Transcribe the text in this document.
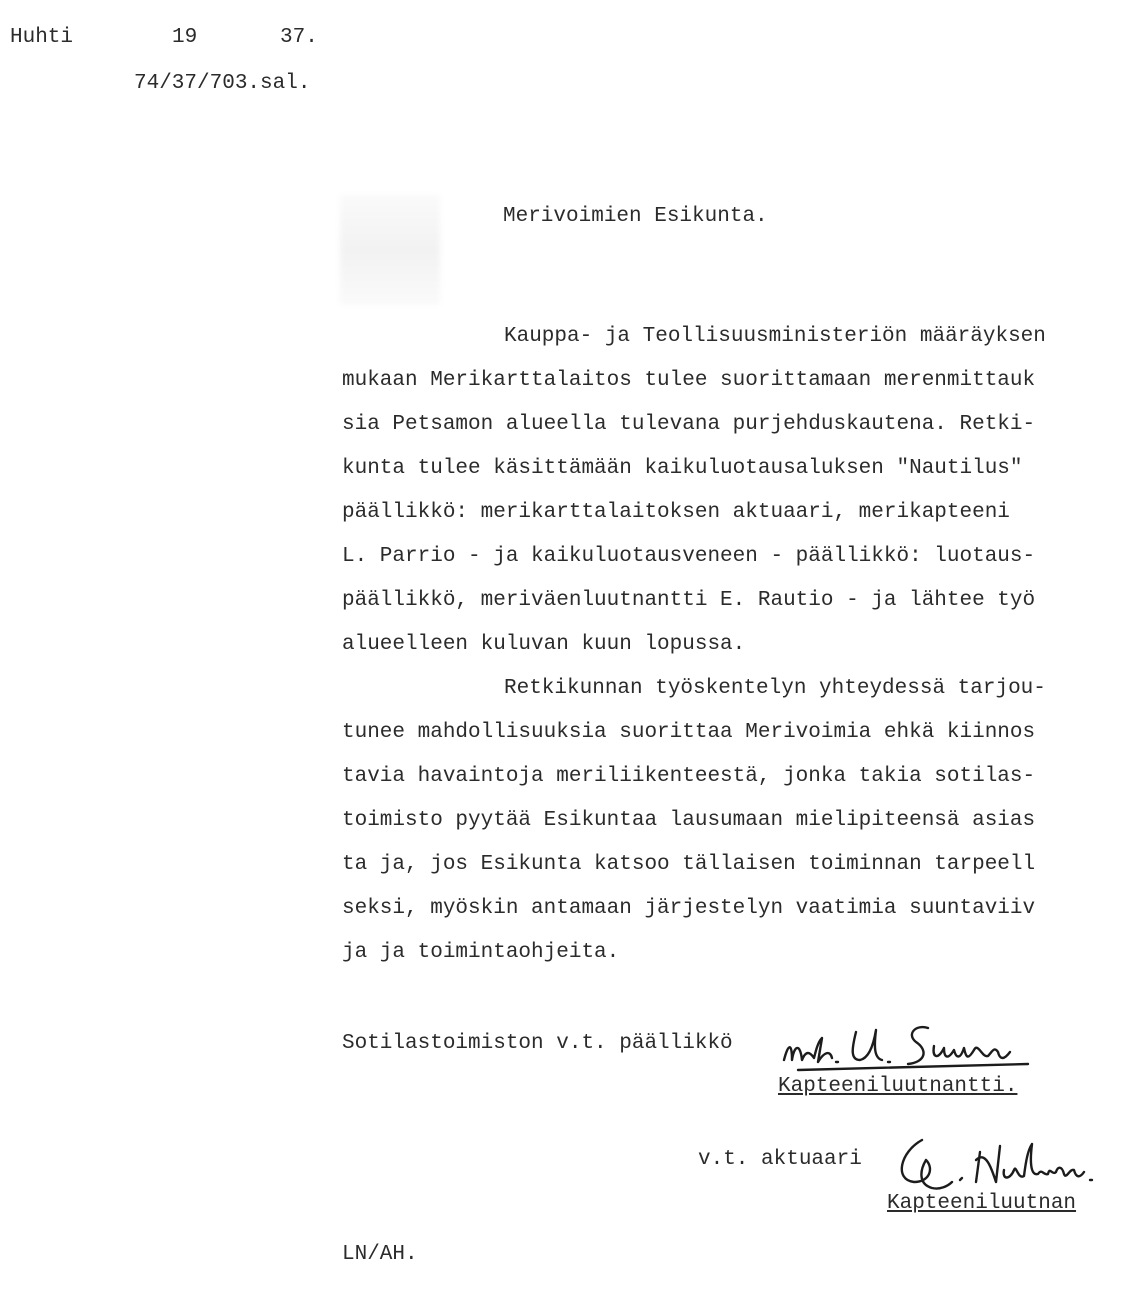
Huhti	19	37.
74/37/703.sal.
Merivoimien Esikunta.
Kauppa- ja Teollisuusministeriön määräyksen
mukaan Merikarttalaitos tulee suorittamaan merenmittauk
sia Petsamon alueella tulevana purjehduskautena. Retki-
kunta tulee käsittämään kaikuluotausaluksen "Nautilus"
päällikkö: merikarttalaitoksen aktuaari, merikapteeni
L. Parrio - ja kaikuluotausveneen - päällikkö: luotaus-
päällikkö, meriväenluutnantti E. Rautio - ja lähtee työ
alueelleen kuluvan kuun lopussa.
Retkikunnan työskentelyn yhteydessä tarjou-
tunee mahdollisuuksia suorittaa Merivoimia ehkä kiinnos
tavia havaintoja meriliikenteestä, jonka takia sotilas-
toimisto pyytää Esikuntaa lausumaan mielipiteensä asias
ta ja, jos Esikunta katsoo tällaisen toiminnan tarpeell
seksi, myöskin antamaan järjestelyn vaatimia suuntaviiv
ja ja toimintaohjeita.
Sotilastoimiston v.t. päällikkö
Kapteeniluutnantti.
v.t. aktuaari
Kapteeniluutnan
LN/AH.
